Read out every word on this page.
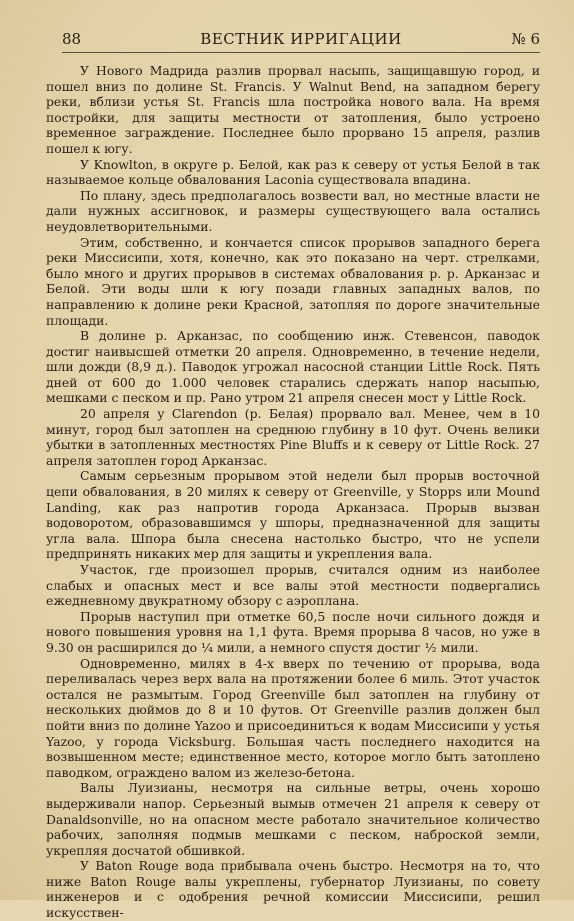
88	ВЕСТНИК ИРРИГАЦИИ	№ 6

У Нового Мадрида разлив прорвал насыпь, защищавшую город, и пошел вниз по долине St. Francis. У Walnut Bend, на западном берегу реки, вблизи устья St. Francis шла постройка нового вала. На время постройки, для защиты местности от затопления, было устроено временное заграждение. Последнее было прорвано 15 апреля, разлив пошел к югу.

У Knowlton, в округе р. Белой, как раз к северу от устья Белой в так называемое кольце обвалования Laconia существовала впадина.

По плану, здесь предполагалось возвести вал, но местные власти не дали нужных ассигновок, и размеры существующего вала остались неудовлетворительными.

Этим, собственно, и кончается список прорывов западного берега реки Миссисипи, хотя, конечно, как это показано на черт. стрелками, было много и других прорывов в системах обвалования р. р. Арканзас и Белой. Эти воды шли к югу позади главных западных валов, по направлению к долине реки Красной, затопляя по дороге значительные площади.

В долине р. Арканзас, по сообщению инж. Стевенсон, паводок достиг наивысшей отметки 20 апреля. Одновременно, в течение недели, шли дожди (8,9 д.). Паводок угрожал насосной станции Little Rock. Пять дней от 600 до 1.000 человек старались сдержать напор насыпью, мешками с песком и пр. Рано утром 21 апреля снесен мост у Little Rock.

20 апреля у Clarendon (р. Белая) прорвало вал. Менее, чем в 10 минут, город был затоплен на среднюю глубину в 10 фут. Очень велики убытки в затопленных местностях Pine Bluffs и к северу от Little Rock. 27 апреля затоплен город Арканзас.

Самым серьезным прорывом этой недели был прорыв восточной цепи обвалования, в 20 милях к северу от Greenville, у Stopps или Mound Landing, как раз напротив города Арканзаса. Прорыв вызван водоворотом, образовавшимся у шпоры, предназначенной для защиты угла вала. Шпора была снесена настолько быстро, что не успели предпринять никаких мер для защиты и укрепления вала.

Участок, где произошел прорыв, считался одним из наиболее слабых и опасных мест и все валы этой местности подвергались ежедневному двукратному обзору с аэроплана.

Прорыв наступил при отметке 60,5 после ночи сильного дождя и нового повышения уровня на 1,1 фута. Время прорыва 8 часов, но уже в 9.30 он расширился до ¼ мили, а немного спустя достиг ½ мили.

Одновременно, милях в 4-х вверх по течению от прорыва, вода переливалась через верх вала на протяжении более 6 миль. Этот участок остался не размытым. Город Greenville был затоплен на глубину от нескольких дюймов до 8 и 10 футов. От Greenville разлив должен был пойти вниз по долине Yazoo и присоединиться к водам Миссисипи у устья Yazoo, у города Vicksburg. Большая часть последнего находится на возвышенном месте; единственное место, которое могло быть затоплено паводком, ограждено валом из железо-бетона.

Валы Луизианы, несмотря на сильные ветры, очень хорошо выдерживали напор. Серьезный вымыв отмечен 21 апреля к северу от Danaldsonville, но на опасном месте работало значительное количество рабочих, заполняя подмыв мешками с песком, наброской земли, укрепляя досчатой обшивкой.

У Baton Rouge вода прибывала очень быстро. Несмотря на то, что ниже Baton Rouge валы укреплены, губернатор Луизианы, по совету инженеров и с одобрения речной комиссии Миссисипи, решил искусствен-
